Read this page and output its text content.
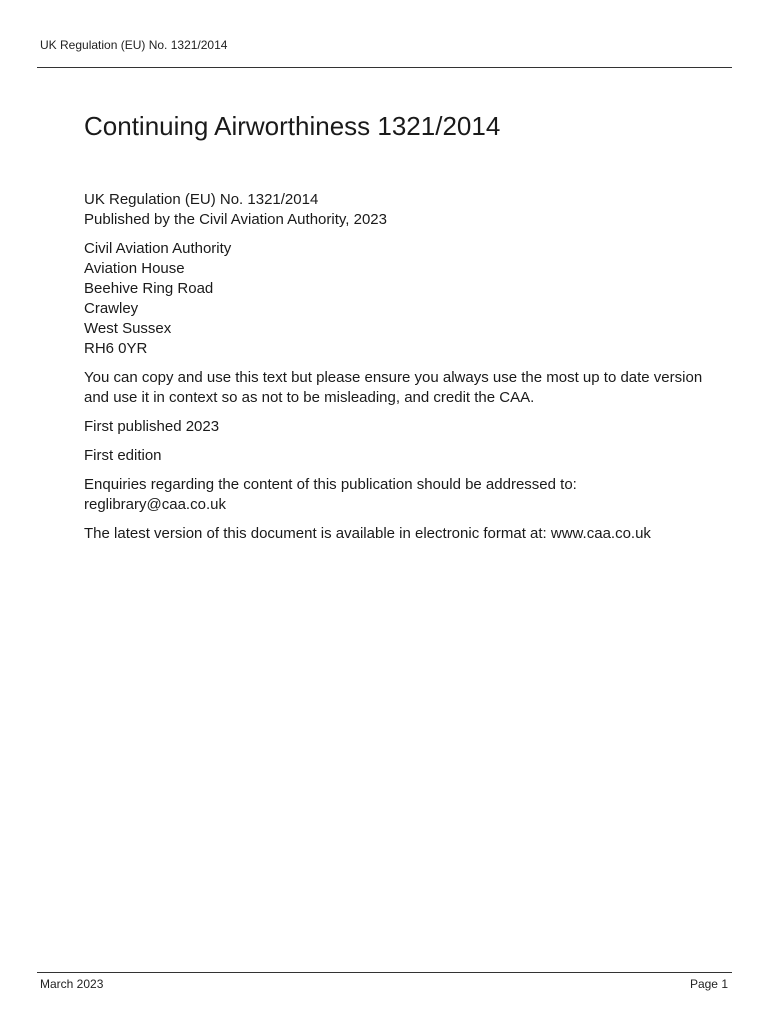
UK Regulation (EU) No. 1321/2014
Continuing Airworthiness 1321/2014

UK Regulation (EU) No. 1321/2014
Published by the Civil Aviation Authority, 2023

Civil Aviation Authority
Aviation House
Beehive Ring Road
Crawley
West Sussex
RH6 0YR

You can copy and use this text but please ensure you always use the most up to date version and use it in context so as not to be misleading, and credit the CAA.

First published 2023

First edition

Enquiries regarding the content of this publication should be addressed to:
reglibrary@caa.co.uk

The latest version of this document is available in electronic format at: www.caa.co.uk

March 2023	Page 1
